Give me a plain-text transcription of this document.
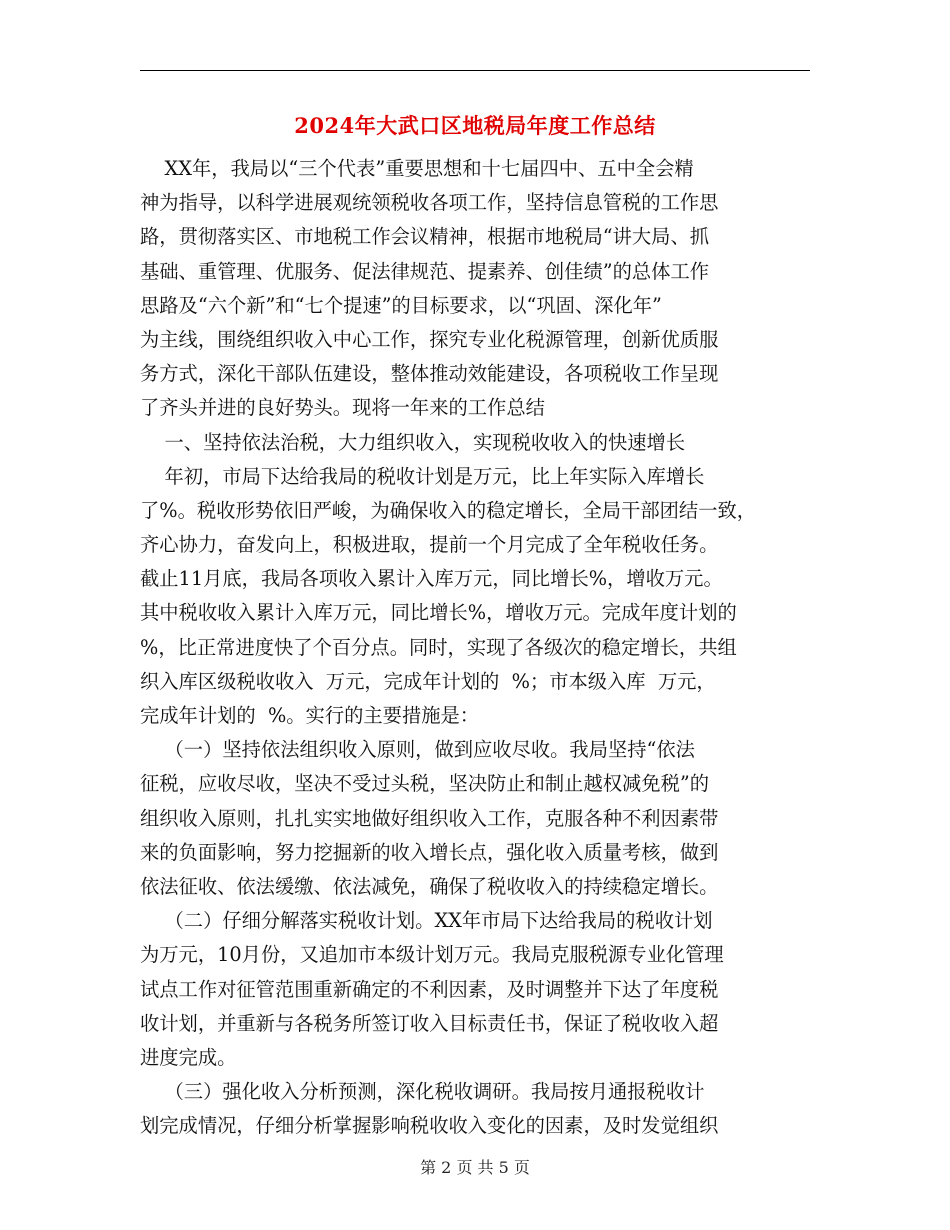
2024年大武口区地税局年度工作总结
XX年，我局以“三个代表”重要思想和十七届四中、五中全会精
神为指导，以科学进展观统领税收各项工作，坚持信息管税的工作思
路，贯彻落实区、市地税工作会议精神，根据市地税局“讲大局、抓
基础、重管理、优服务、促法律规范、提素养、创佳绩”的总体工作
思路及“六个新”和“七个提速”的目标要求，以“巩固、深化年”
为主线，围绕组织收入中心工作，探究专业化税源管理，创新优质服
务方式，深化干部队伍建设，整体推动效能建设，各项税收工作呈现
了齐头并进的良好势头。现将一年来的工作总结
一、坚持依法治税，大力组织收入，实现税收收入的快速增长
年初，市局下达给我局的税收计划是万元，比上年实际入库增长
了%。税收形势依旧严峻，为确保收入的稳定增长，全局干部团结一致，
齐心协力，奋发向上，积极进取，提前一个月完成了全年税收任务。
截止11月底，我局各项收入累计入库万元，同比增长%，增收万元。
其中税收收入累计入库万元，同比增长%，增收万元。完成年度计划的
%，比正常进度快了个百分点。同时，实现了各级次的稳定增长，共组
织入库区级税收收入  万元，完成年计划的  %；市本级入库  万元，
完成年计划的  %。实行的主要措施是：
（一）坚持依法组织收入原则，做到应收尽收。我局坚持“依法
征税，应收尽收，坚决不受过头税，坚决防止和制止越权减免税”的
组织收入原则，扎扎实实地做好组织收入工作，克服各种不利因素带
来的负面影响，努力挖掘新的收入增长点，强化收入质量考核，做到
依法征收、依法缓缴、依法减免，确保了税收收入的持续稳定增长。
（二）仔细分解落实税收计划。XX年市局下达给我局的税收计划
为万元，10月份，又追加市本级计划万元。我局克服税源专业化管理
试点工作对征管范围重新确定的不利因素，及时调整并下达了年度税
收计划，并重新与各税务所签订收入目标责任书，保证了税收收入超
进度完成。
（三）强化收入分析预测，深化税收调研。我局按月通报税收计
划完成情况，仔细分析掌握影响税收收入变化的因素，及时发觉组织
第 2 页 共 5 页
